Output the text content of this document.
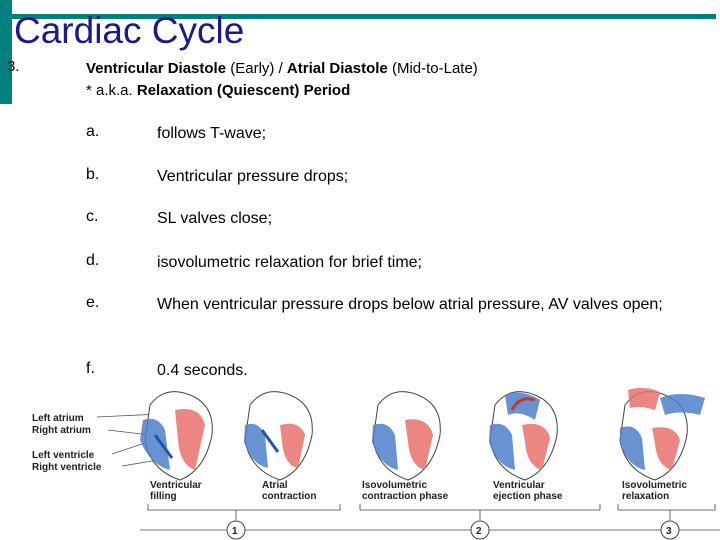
Cardiac Cycle
3.	Ventricular Diastole (Early) / Atrial Diastole (Mid-to-Late)
* a.k.a. Relaxation (Quiescent) Period
a.	follows T-wave;
b.	Ventricular pressure drops;
c.	SL valves close;
d.	isovolumetric relaxation for brief time;
e.	When ventricular pressure drops below atrial pressure, AV valves open;
f.	0.4 seconds.
Left atrium
Right atrium
Left ventricle
Right ventricle
Ventricular
filling
Atrial
contraction
Isovolumetric
contraction phase
Ventricular
ejection phase
Isovolumetric
relaxation
1	2	3
